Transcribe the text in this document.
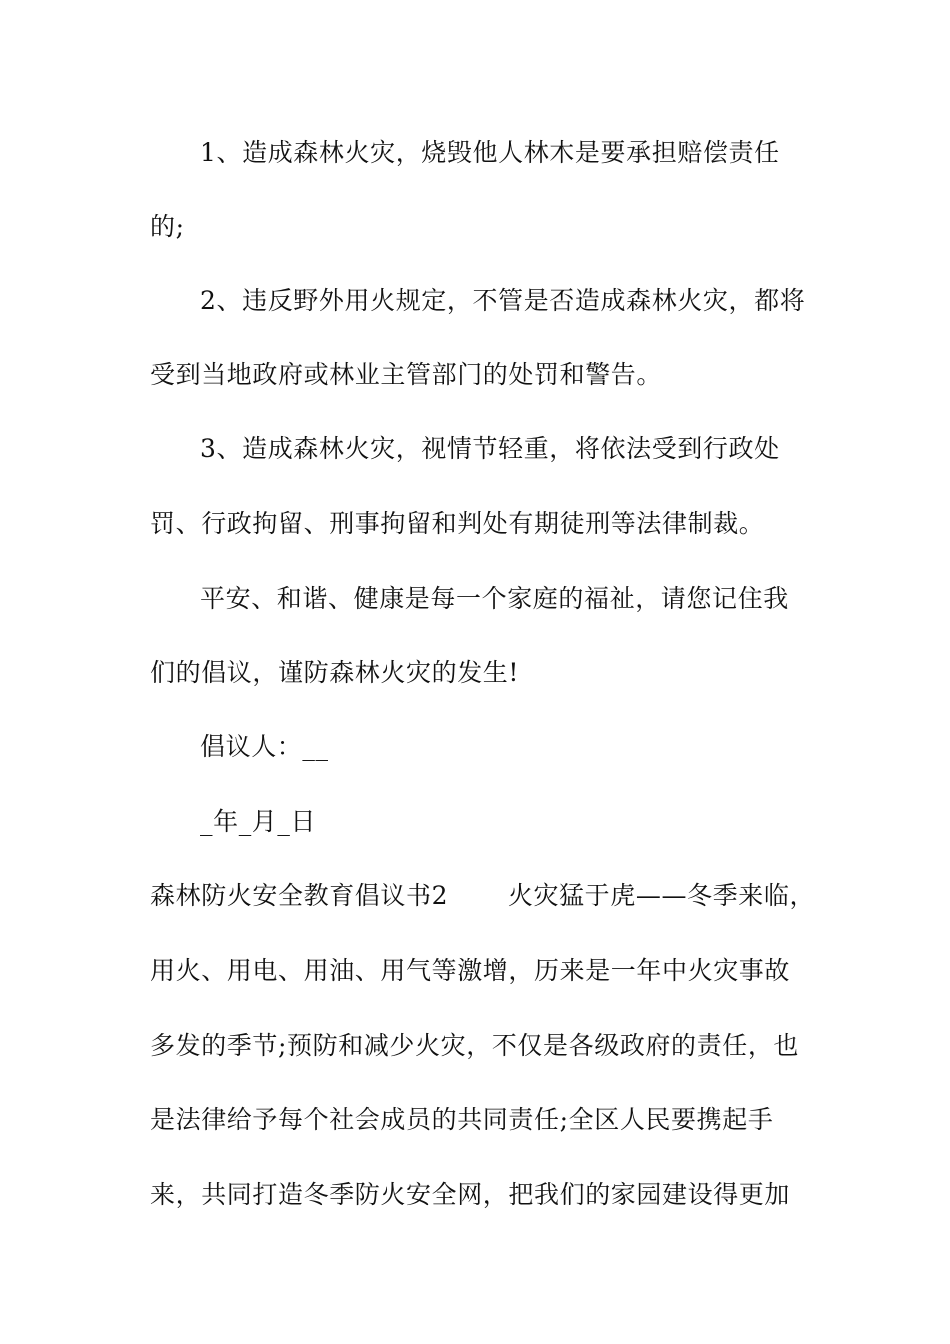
1、造成森林火灾，烧毁他人林木是要承担赔偿责任
的;
2、违反野外用火规定，不管是否造成森林火灾，都将
受到当地政府或林业主管部门的处罚和警告。
3、造成森林火灾，视情节轻重，将依法受到行政处
罚、行政拘留、刑事拘留和判处有期徒刑等法律制裁。
平安、和谐、健康是每一个家庭的福祉，请您记住我
们的倡议，谨防森林火灾的发生!
倡议人：__
_年_月_日
森林防火安全教育倡议书2　　 火灾猛于虎——冬季来临，
用火、用电、用油、用气等激增，历来是一年中火灾事故
多发的季节;预防和减少火灾，不仅是各级政府的责任，也
是法律给予每个社会成员的共同责任;全区人民要携起手
来，共同打造冬季防火安全网，把我们的家园建设得更加
